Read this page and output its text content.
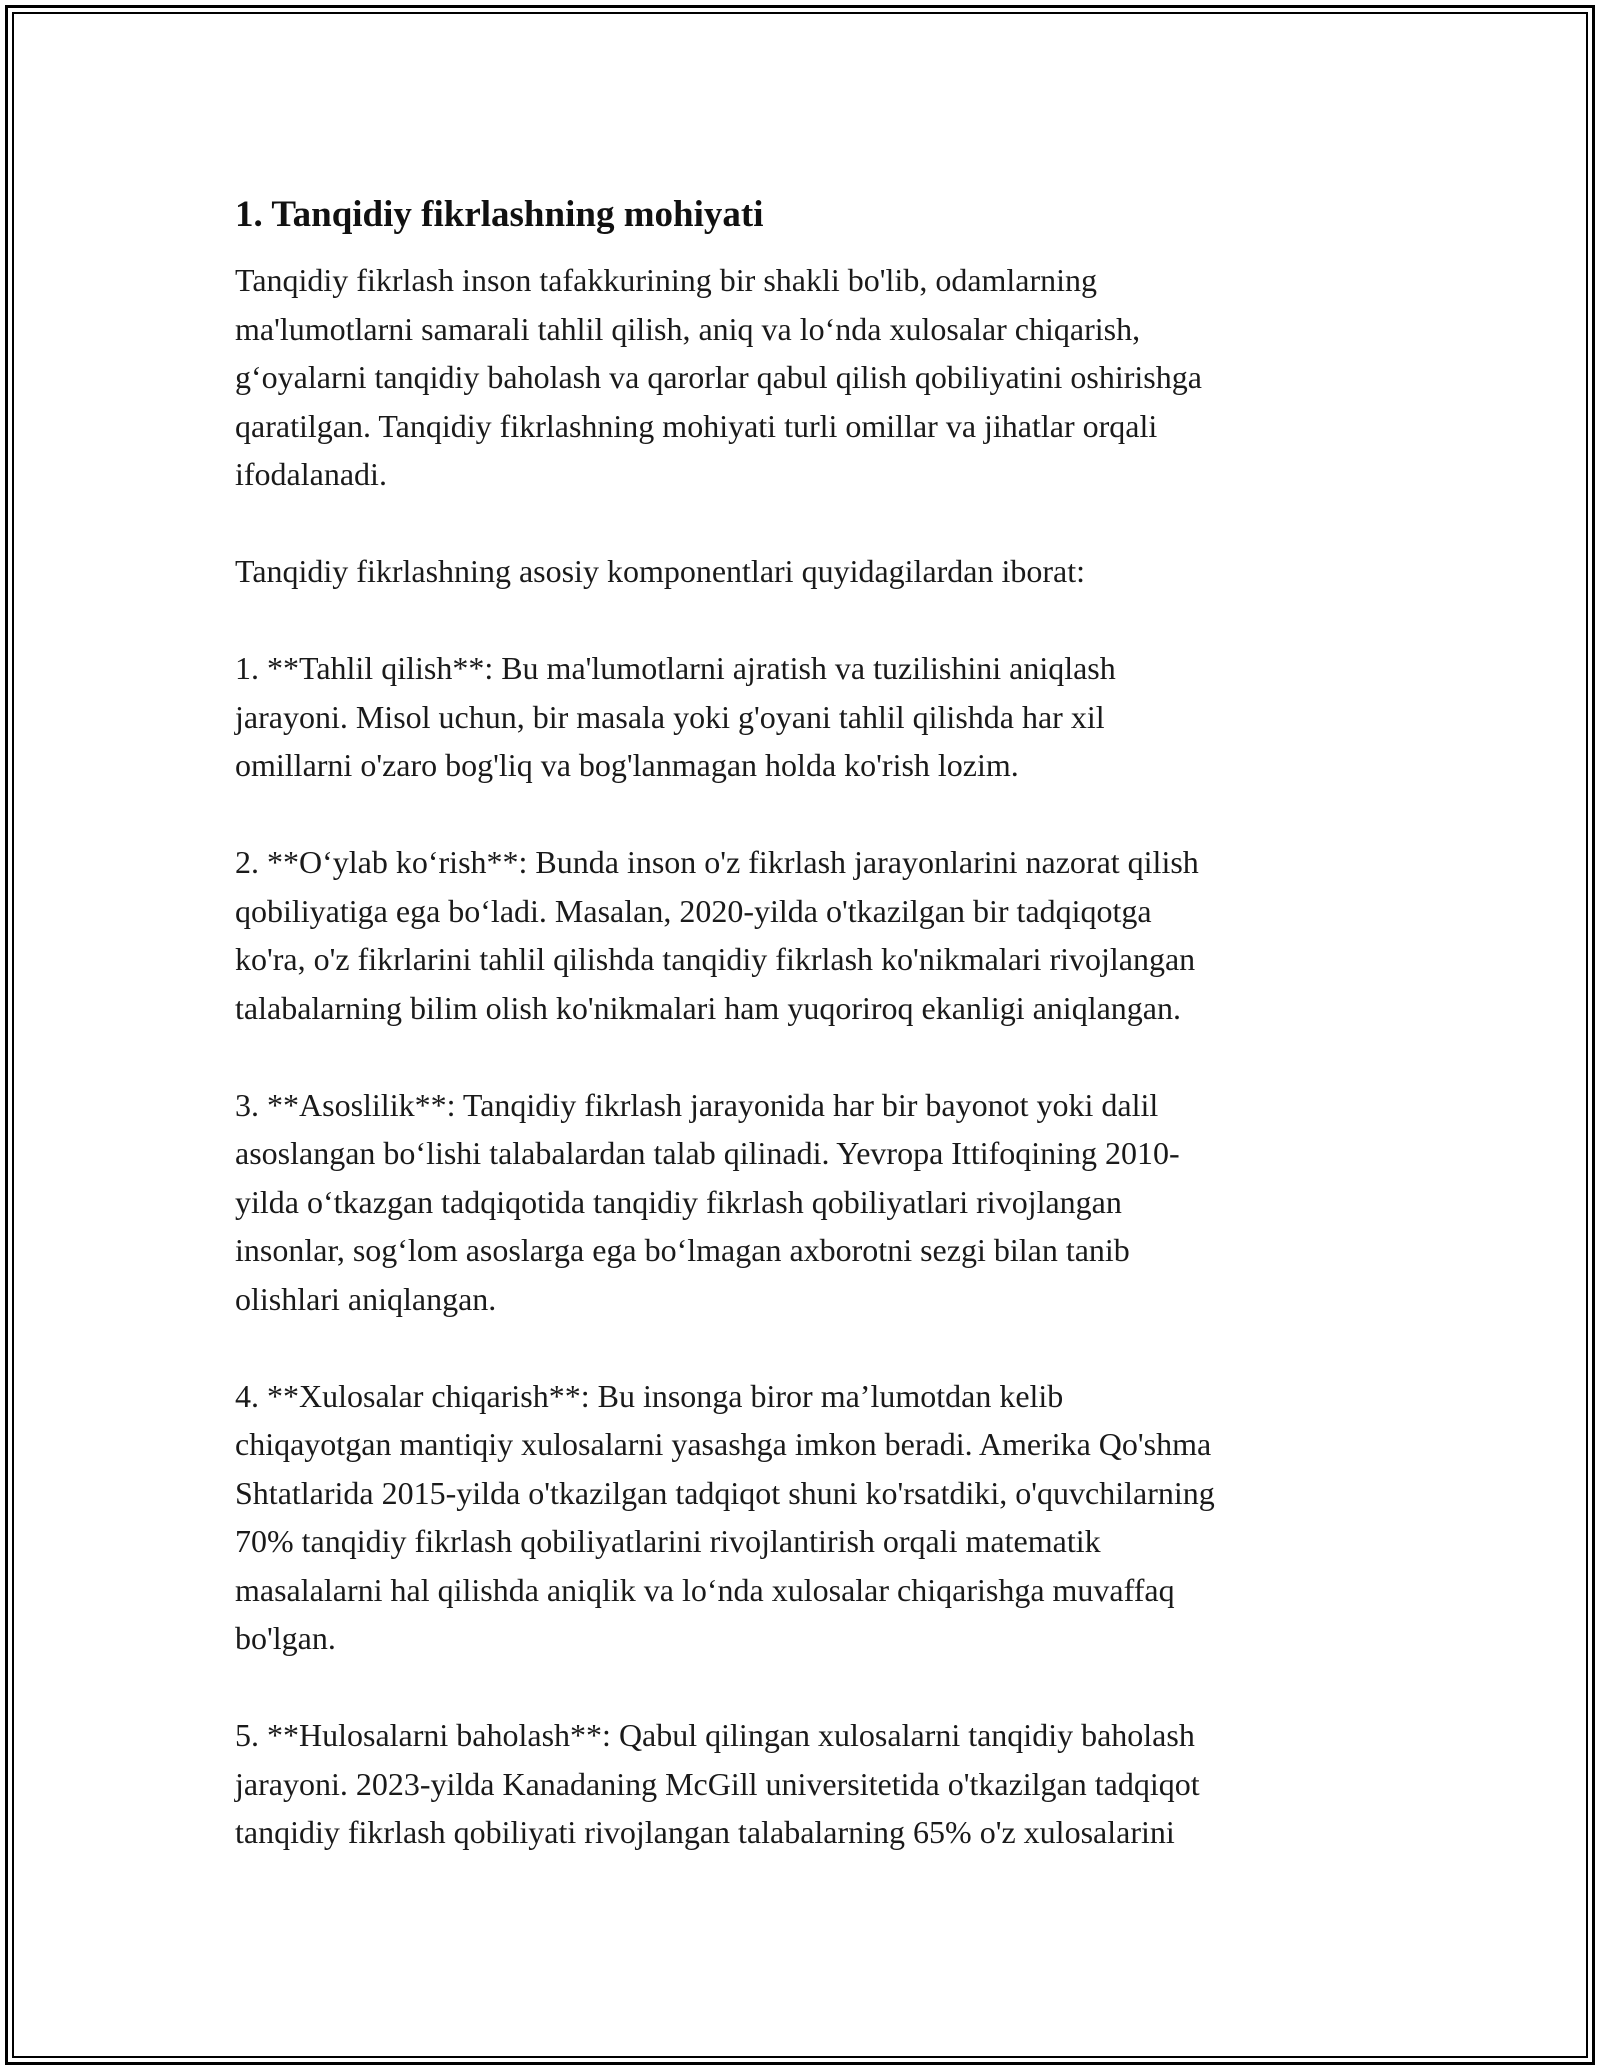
1. Tanqidiy fikrlashning mohiyati
Tanqidiy fikrlash inson tafakkurining bir shakli bo'lib, odamlarning
ma'lumotlarni samarali tahlil qilish, aniq va lo‘nda xulosalar chiqarish,
g‘oyalarni tanqidiy baholash va qarorlar qabul qilish qobiliyatini oshirishga
qaratilgan. Tanqidiy fikrlashning mohiyati turli omillar va jihatlar orqali
ifodalanadi.
Tanqidiy fikrlashning asosiy komponentlari quyidagilardan iborat:
1. **Tahlil qilish**: Bu ma'lumotlarni ajratish va tuzilishini aniqlash
jarayoni. Misol uchun, bir masala yoki g'oyani tahlil qilishda har xil
omillarni o'zaro bog'liq va bog'lanmagan holda ko'rish lozim.
2. **O‘ylab ko‘rish**: Bunda inson o'z fikrlash jarayonlarini nazorat qilish
qobiliyatiga ega bo‘ladi. Masalan, 2020-yilda o'tkazilgan bir tadqiqotga
ko'ra, o'z fikrlarini tahlil qilishda tanqidiy fikrlash ko'nikmalari rivojlangan
talabalarning bilim olish ko'nikmalari ham yuqoriroq ekanligi aniqlangan.
3. **Asoslilik**: Tanqidiy fikrlash jarayonida har bir bayonot yoki dalil
asoslangan bo‘lishi talabalardan talab qilinadi. Yevropa Ittifoqining 2010-
yilda o‘tkazgan tadqiqotida tanqidiy fikrlash qobiliyatlari rivojlangan
insonlar, sog‘lom asoslarga ega bo‘lmagan axborotni sezgi bilan tanib
olishlari aniqlangan.
4. **Xulosalar chiqarish**: Bu insonga biror ma’lumotdan kelib
chiqayotgan mantiqiy xulosalarni yasashga imkon beradi. Amerika Qo'shma
Shtatlarida 2015-yilda o'tkazilgan tadqiqot shuni ko'rsatdiki, o'quvchilarning
70% tanqidiy fikrlash qobiliyatlarini rivojlantirish orqali matematik
masalalarni hal qilishda aniqlik va lo‘nda xulosalar chiqarishga muvaffaq
bo'lgan.
5. **Hulosalarni baholash**: Qabul qilingan xulosalarni tanqidiy baholash
jarayoni. 2023-yilda Kanadaning McGill universitetida o'tkazilgan tadqiqot
tanqidiy fikrlash qobiliyati rivojlangan talabalarning 65% o'z xulosalarini
